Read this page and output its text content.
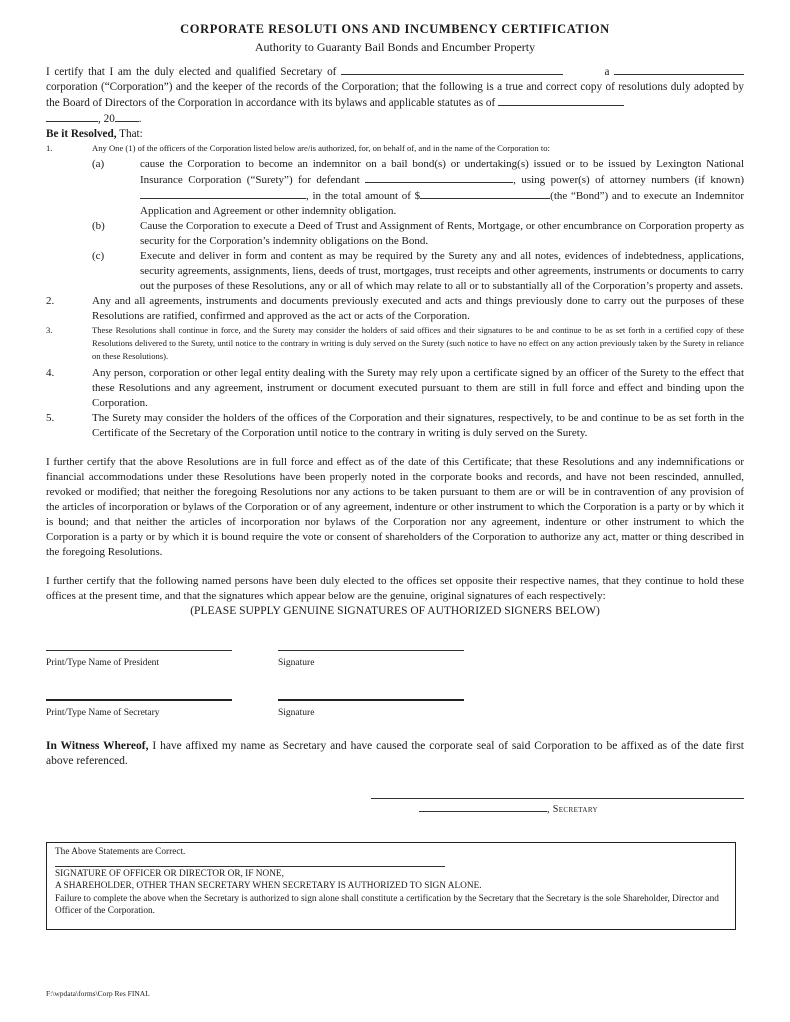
CORPORATE RESOLUTI ONS AND INCUMBENCY CERTIFICATION
Authority to Guaranty Bail Bonds and Encumber Property

I certify that I am the duly elected and qualified Secretary of	a  corporation (“Corporation”) and the keeper of the records of the Corporation; that the following is a true and correct copy of resolutions duly adopted by the Board of Directors of the Corporation in accordance with its bylaws and applicable statutes as of
, 20 .

Be it Resolved, That:
1.	Any One (1) of the officers of the Corporation listed below are/is authorized, for, on behalf of, and in the name of the Corporation to:
(a)	cause the Corporation to become an indemnitor on a bail bond(s) or undertaking(s) issued or to be issued by Lexington National Insurance Corporation (“Surety”) for defendant	, using power(s) of attorney numbers (if known) , in the total amount of $	(the “Bond”) and to execute an Indemnitor Application and Agreement or other indemnity obligation.
(b)	Cause the Corporation to execute a Deed of Trust and Assignment of Rents, Mortgage, or other encumbrance on Corporation property as security for the Corporation’s indemnity obligations on the Bond.
(c)	Execute and deliver in form and content as may be required by the Surety any and all notes, evidences of indebtedness, applications, security agreements, assignments, liens, deeds of trust, mortgages, trust receipts and other agreements, instruments or documents to carry out the purposes of these Resolutions, any or all of which may relate to all or to substantially all of the Corporation’s property and assets.
2.	Any and all agreements, instruments and documents previously executed and acts and things previously done to carry out the purposes of these Resolutions are ratified, confirmed and approved as the act or acts of the Corporation.
3.	These Resolutions shall continue in force, and the Surety may consider the holders of said offices and their signatures to be and continue to be as set forth in a certified copy of these Resolutions delivered to the Surety, until notice to the contrary in writing is duly served on the Surety (such notice to have no effect on any action previously taken by the Surety in reliance on these Resolutions).
4.	Any person, corporation or other legal entity dealing with the Surety may rely upon a certificate signed by an officer of the Surety to the effect that these Resolutions and any agreement, instrument or document executed pursuant to them are still in full force and effect and binding upon the Corporation.
5.	The Surety may consider the holders of the offices of the Corporation and their signatures, respectively, to be and continue to be as set forth in the Certificate of the Secretary of the Corporation until notice to the contrary in writing is duly served on the Surety.

I further certify that the above Resolutions are in full force and effect as of the date of this Certificate; that these Resolutions and any indemnifications or financial accommodations under these Resolutions have been properly noted in the corporate books and records, and have not been rescinded, annulled, revoked or modified; that neither the foregoing Resolutions nor any actions to be taken pursuant to them are or will be in contravention of any provision of the articles of incorporation or bylaws of the Corporation or of any agreement, indenture or other instrument to which the Corporation is a party or by which it is bound; and that neither the articles of incorporation nor bylaws of the Corporation nor any agreement, indenture or other instrument to which the Corporation is a party or by which it is bound require the vote or consent of shareholders of the Corporation to authorize any act, matter or thing described in the foregoing Resolutions.

I further certify that the following named persons have been duly elected to the offices set opposite their respective names, that they continue to hold these offices at the present time, and that the signatures which appear below are the genuine, original signatures of each respectively:

(PLEASE SUPPLY GENUINE SIGNATURES OF AUTHORIZED SIGNERS BELOW)
Print/Type Name of President	Signature
Print/Type Name of Secretary	Signature

In Witness Whereof, I have affixed my name as Secretary and have caused the corporate seal of said Corporation to be affixed as of the date first above referenced.

, Secretary
The Above Statements are Correct.
SIGNATURE OF OFFICER OR DIRECTOR OR, IF NONE,
A SHAREHOLDER, OTHER THAN SECRETARY WHEN SECRETARY IS AUTHORIZED TO SIGN ALONE.
Failure to complete the above when the Secretary is authorized to sign alone shall constitute a certification by the Secretary that the Secretary is the sole Shareholder, Director and Officer of the Corporation.
F:\wpdata\forms\Corp Res FINAL
